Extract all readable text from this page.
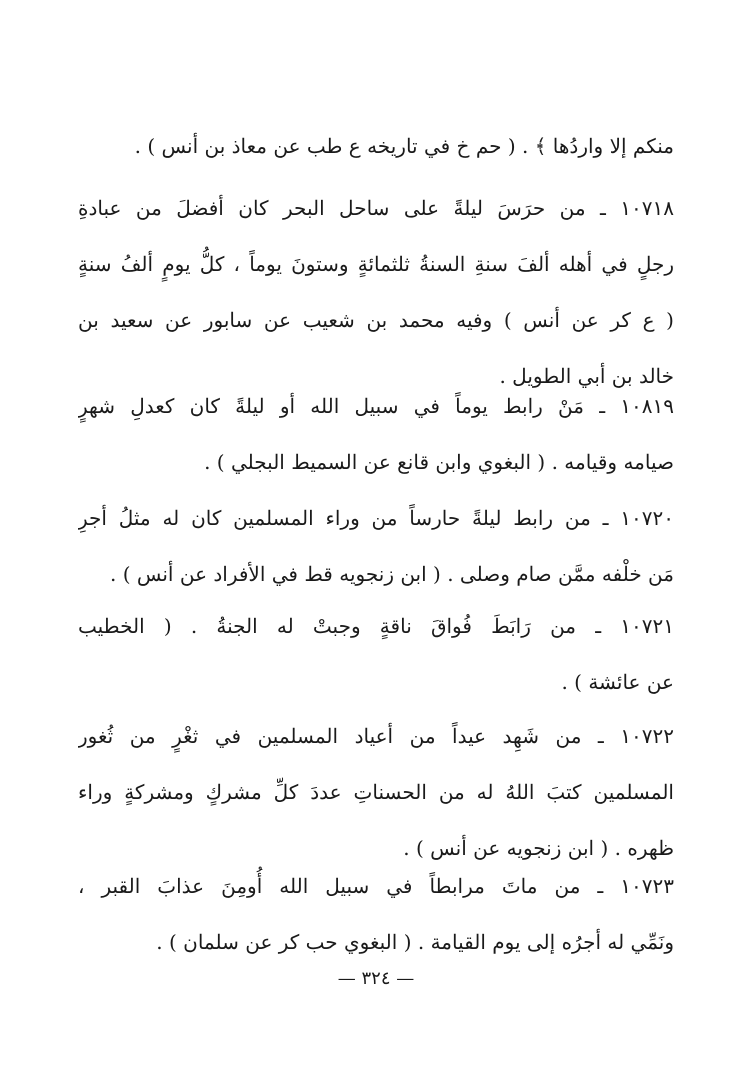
منكم إلا واردُها ﴾ . ( حم خ في تاريخه ع طب عن معاذ بن أنس ) .
١٠٧١٨ ـ من حرَسَ ليلةً على ساحل البحر كان أفضلَ من عبادةِ
رجلٍ في أهله ألفَ سنةِ السنةُ ثلثمائةٍ وستونَ يوماً ، كلُّ يومٍ ألفُ سنةٍ
( ع كر عن أنس ) وفيه محمد بن شعيب عن سابور عن سعيد بن
خالد بن أبي الطويل .
١٠٨١٩ ـ مَنْ رابط يوماً في سبيل الله أو ليلةً كان كعدلِ شهرٍ
صيامه وقيامه . ( البغوي وابن قانع عن السميط البجلي ) .
١٠٧٢٠ ـ من رابط ليلةً حارساً من وراء المسلمين كان له مثلُ أجرِ
مَن خلْفه ممَّن صام وصلى . ( ابن زنجويه قط في الأفراد عن أنس ) .
١٠٧٢١ ـ من رَابَطَ فُواقَ ناقةٍ وجبتْ له الجنةُ . ( الخطيب
عن عائشة ) .
١٠٧٢٢ ـ من شَهِد عيداً من أعياد المسلمين في ثغْرٍ من ثُغور
المسلمين كتبَ اللهُ له من الحسناتِ عددَ كلِّ مشركٍ ومشركةٍ وراء
ظهره . ( ابن زنجويه عن أنس ) .
١٠٧٢٣ ـ من ماتَ مرابطاً في سبيل الله أُومِنَ عذابَ القبر ،
ونَمِّي له أجرُه إلى يوم القيامة . ( البغوي حب كر عن سلمان ) .
— ٣٢٤ —
